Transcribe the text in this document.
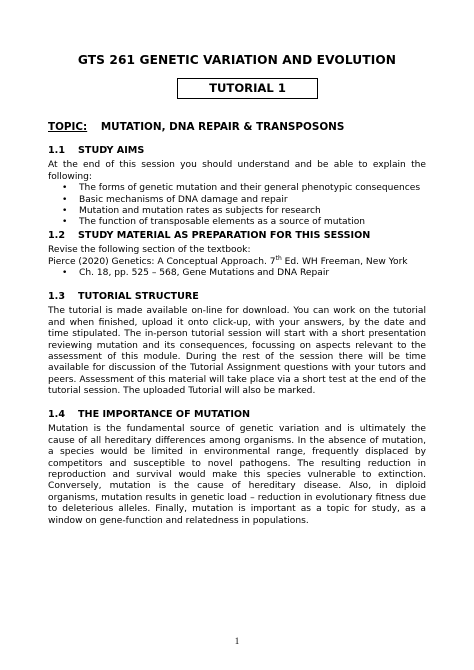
GTS 261 GENETIC VARIATION AND EVOLUTION
TUTORIAL 1
TOPIC: MUTATION, DNA REPAIR & TRANSPOSONS
1.1 STUDY AIMS

At the end of this session you should understand and be able to explain the following:

• The forms of genetic mutation and their general phenotypic consequences
• Basic mechanisms of DNA damage and repair
• Mutation and mutation rates as subjects for research
• The function of transposable elements as a source of mutation
1.2 STUDY MATERIAL AS PREPARATION FOR THIS SESSION

Revise the following section of the textbook:

Pierce (2020) Genetics: A Conceptual Approach. 7th Ed. WH Freeman, New York

• Ch. 18, pp. 525 – 568, Gene Mutations and DNA Repair
1.3 TUTORIAL STRUCTURE

The tutorial is made available on-line for download. You can work on the tutorial and when finished, upload it onto click-up, with your answers, by the date and time stipulated. The in-person tutorial session will start with a short presentation reviewing mutation and its consequences, focussing on aspects relevant to the assessment of this module. During the rest of the session there will be time available for discussion of the Tutorial Assignment questions with your tutors and peers. Assessment of this material will take place via a short test at the end of the tutorial session. The uploaded Tutorial will also be marked.

1.4 THE IMPORTANCE OF MUTATION

Mutation is the fundamental source of genetic variation and is ultimately the cause of all hereditary differences among organisms. In the absence of mutation, a species would be limited in environmental range, frequently displaced by competitors and susceptible to novel pathogens. The resulting reduction in reproduction and survival would make this species vulnerable to extinction. Conversely, mutation is the cause of hereditary disease. Also, in diploid organisms, mutation results in genetic load – reduction in evolutionary fitness due to deleterious alleles. Finally, mutation is important as a topic for study, as a window on gene-function and relatedness in populations.

1
